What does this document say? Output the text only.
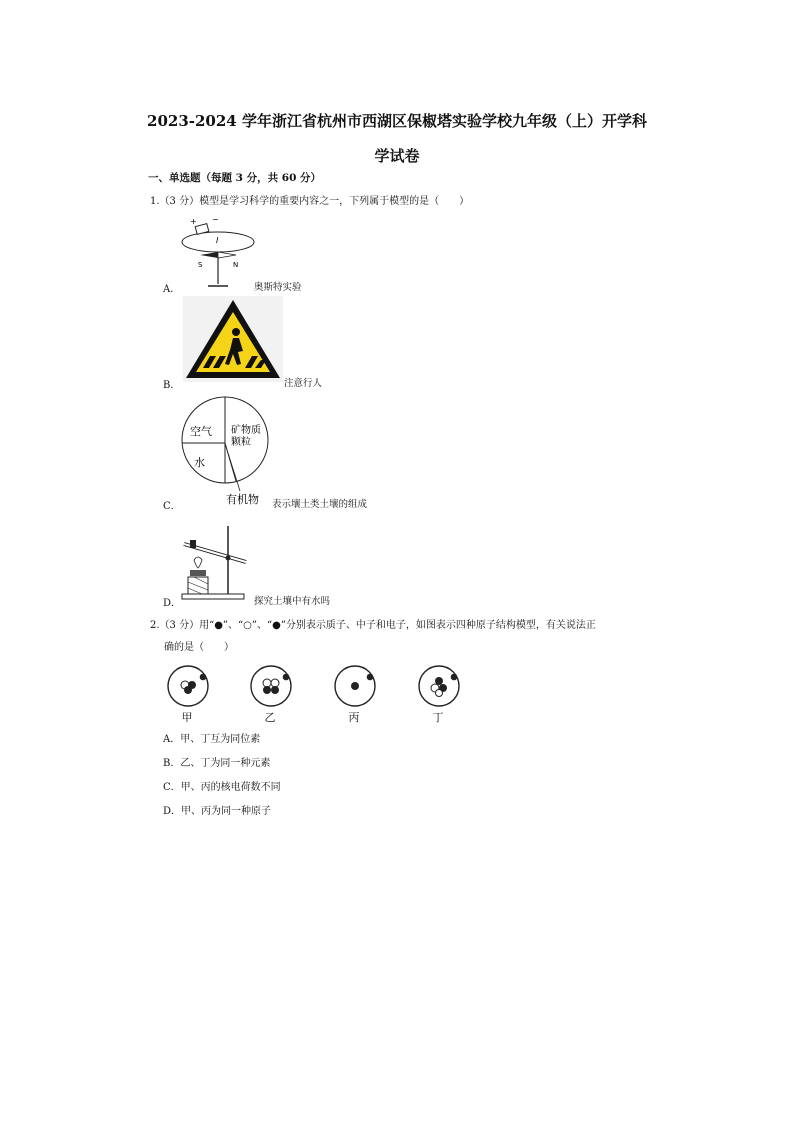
2023-2024 学年浙江省杭州市西湖区保椒塔实验学校九年级（上）开学科
学试卷
一、单选题（每题 3 分，共 60 分）
1.（3 分）模型是学习科学的重要内容之一，下列属于模型的是（　　）
+ −
I
S	N
A．	奥斯特实验
B．	注意行人
空气 矿物质
颗粒
水
有机物
C．	表示壤土类土壤的组成
D．	探究土壤中有水吗
2.（3 分）用“●”、“○”、“●”分别表示质子、中子和电子，如图表示四种原子结构模型，有关说法正
确的是（　　）
甲	乙	丙	丁
A．甲、丁互为同位素
B．乙、丁为同一种元素
C．甲、丙的核电荷数不同
D．甲、丙为同一种原子
